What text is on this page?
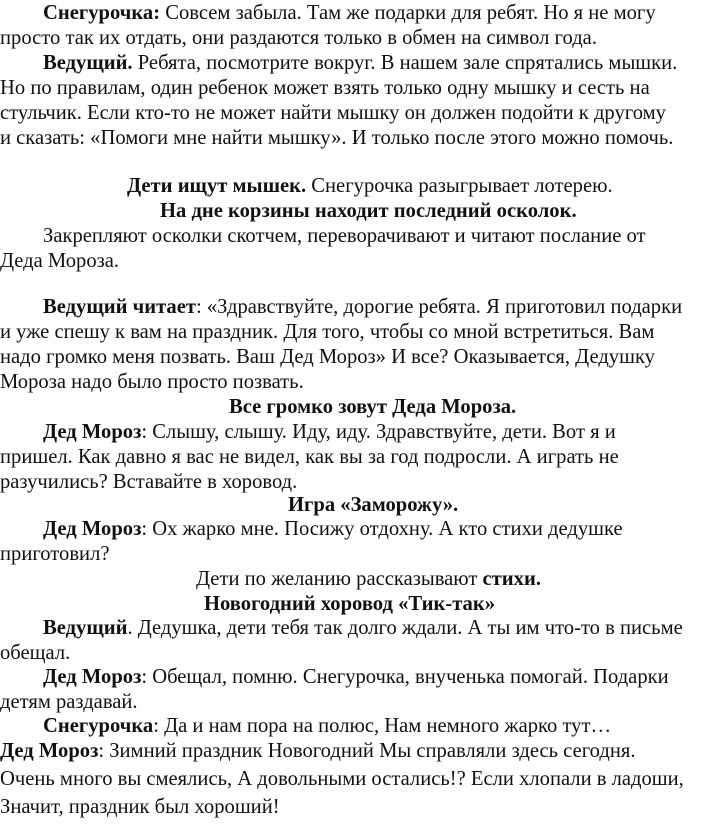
Снегурочка: Совсем забыла. Там же подарки для ребят. Но я не могу
просто так их отдать, они раздаются только в обмен на символ года.
Ведущий. Ребята, посмотрите вокруг. В нашем зале спрятались мышки.
Но по правилам, один ребенок может взять только одну мышку и сесть на
стульчик. Если кто-то не может найти мышку он должен подойти к другому
и сказать: «Помоги мне найти мышку». И только после этого можно помочь.
Дети ищут мышек. Снегурочка разыгрывает лотерею.
На дне корзины находит последний осколок.
Закрепляют осколки скотчем, переворачивают и читают послание от
Деда Мороза.
Ведущий читает: «Здравствуйте, дорогие ребята. Я приготовил подарки
и уже спешу к вам на праздник. Для того, чтобы со мной встретиться. Вам
надо громко меня позвать. Ваш Дед Мороз» И все? Оказывается, Дедушку
Мороза надо было просто позвать.
Все громко зовут Деда Мороза.
Дед Мороз: Слышу, слышу. Иду, иду. Здравствуйте, дети. Вот я и
пришел. Как давно я вас не видел, как вы за год подросли. А играть не
разучились? Вставайте в хоровод.
Игра «Заморожу».
Дед Мороз: Ох жарко мне. Посижу отдохну. А кто стихи дедушке
приготовил?
Дети по желанию рассказывают стихи.
Новогодний хоровод «Тик-так»
Ведущий. Дедушка, дети тебя так долго ждали. А ты им что-то в письме
обещал.
Дед Мороз: Обещал, помню. Снегурочка, внученька помогай. Подарки
детям раздавай.
Снегурочка: Да и нам пора на полюс, Нам немного жарко тут…
Дед Мороз: Зимний праздник Новогодний Мы справляли здесь сегодня.
Очень много вы смеялись, А довольными остались!? Если хлопали в ладоши,
Значит, праздник был хороший!
